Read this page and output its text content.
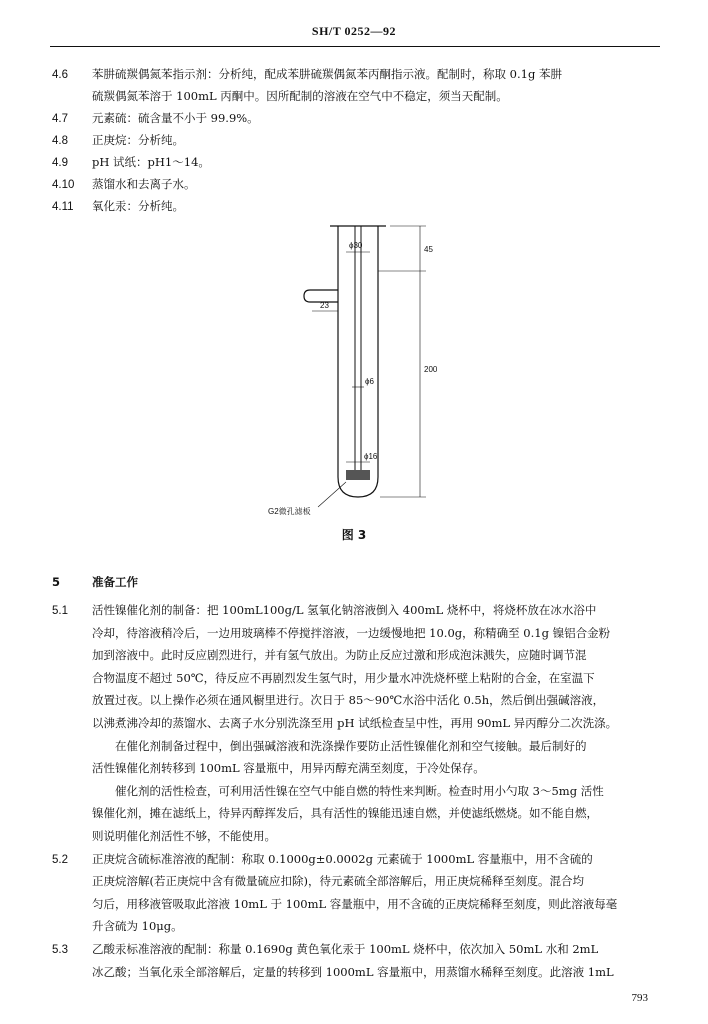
SH/T 0252—92
4.6 苯肼硫羰偶氮苯指示剂：分析纯，配成苯肼硫羰偶氮苯丙酮指示液。配制时，称取 0.1g 苯肼
硫羰偶氮苯溶于 100mL 丙酮中。因所配制的溶液在空气中不稳定，须当天配制。
4.7 元素硫：硫含量不小于 99.9%。
4.8 正庚烷：分析纯。
4.9 pH 试纸：pH1～14。
4.10 蒸馏水和去离子水。
4.11 氧化汞：分析纯。
ϕ30	45
23
200
ϕ6
ϕ16
G2微孔滤板
图 3
5	准备工作
5.1 活性镍催化剂的制备：把 100mL100g/L 氢氧化钠溶液倒入 400mL 烧杯中，将烧杯放在冰水浴中
冷却，待溶液稍冷后，一边用玻璃棒不停搅拌溶液，一边缓慢地把 10.0g，称精确至 0.1g 镍铝合金粉
加到溶液中。此时反应剧烈进行，并有氢气放出。为防止反应过激和形成泡沫溅失，应随时调节混
合物温度不超过 50℃，待反应不再剧烈发生氢气时，用少量水冲洗烧杯壁上粘附的合金，在室温下
放置过夜。以上操作必须在通风橱里进行。次日于 85～90℃水浴中活化 0.5h，然后倒出强碱溶液，
以沸煮沸冷却的蒸馏水、去离子水分别洗涤至用 pH 试纸检查呈中性，再用 90mL 异丙醇分二次洗涤。
　　在催化剂制备过程中，倒出强碱溶液和洗涤操作要防止活性镍催化剂和空气接触。最后制好的
活性镍催化剂转移到 100mL 容量瓶中，用异丙醇充满至刻度，于冷处保存。
　　催化剂的活性检查，可利用活性镍在空气中能自燃的特性来判断。检查时用小勺取 3～5mg 活性
镍催化剂，摊在滤纸上，待异丙醇挥发后，具有活性的镍能迅速自燃，并使滤纸燃烧。如不能自燃，
则说明催化剂活性不够，不能使用。
5.2 正庚烷含硫标准溶液的配制：称取 0.1000g±0.0002g 元素硫于 1000mL 容量瓶中，用不含硫的
正庚烷溶解(若正庚烷中含有微量硫应扣除)，待元素硫全部溶解后，用正庚烷稀释至刻度。混合均
匀后，用移液管吸取此溶液 10mL 于 100mL 容量瓶中，用不含硫的正庚烷稀释至刻度，则此溶液每毫
升含硫为 10μg。
5.3 乙酸汞标准溶液的配制：称量 0.1690g 黄色氧化汞于 100mL 烧杯中，依次加入 50mL 水和 2mL
冰乙酸；当氧化汞全部溶解后，定量的转移到 1000mL 容量瓶中，用蒸馏水稀释至刻度。此溶液 1mL
793
